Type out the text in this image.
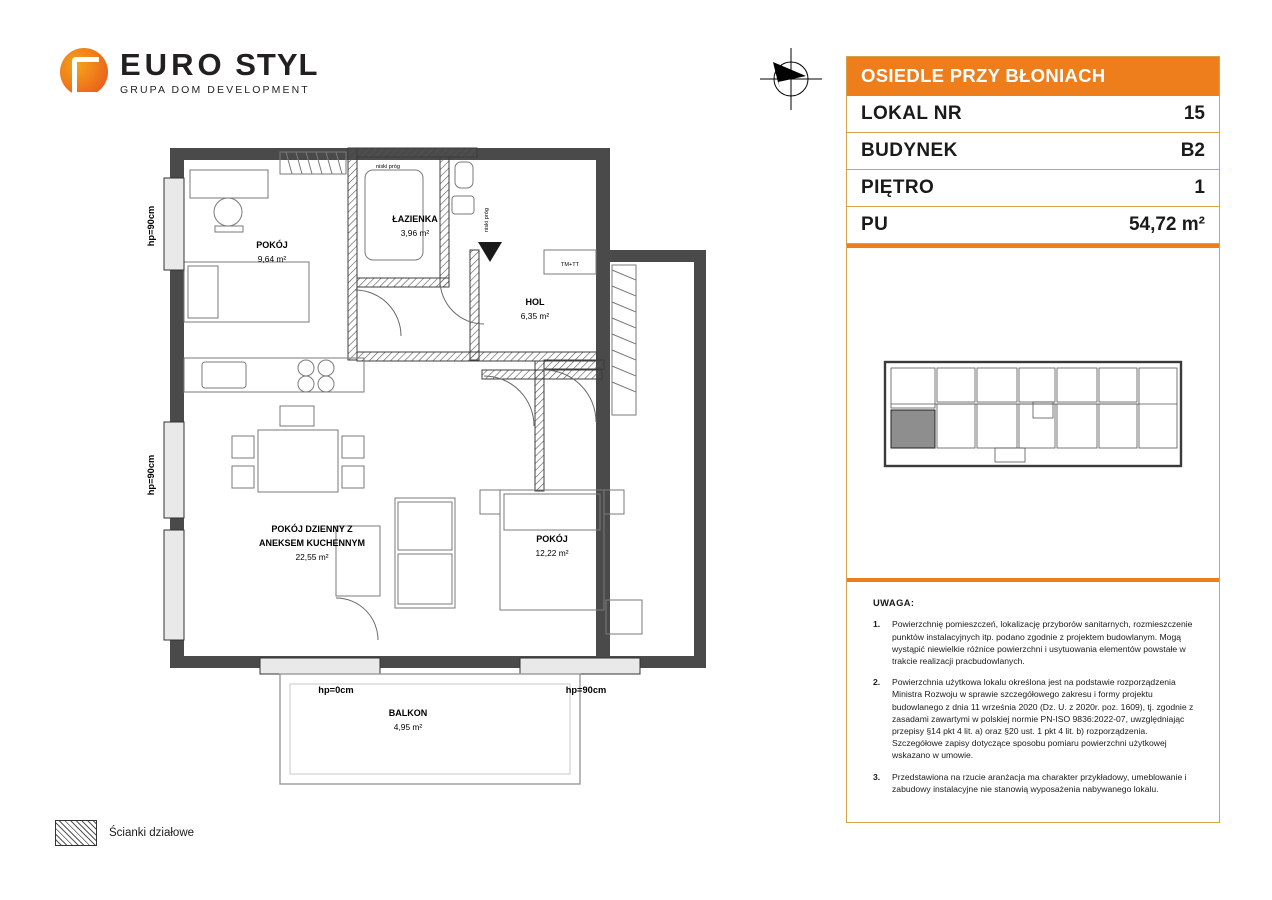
EURO STYL
GRUPA DOM DEVELOPMENT
OSIEDLE PRZY BŁONIACH
LOKAL NR	15
BUDYNEK	B2
PIĘTRO	1
PU	54,72 m²
UWAGA:
1.	Powierzchnię pomieszczeń, lokalizację przyborów sanitarnych, rozmieszczenie punktów instalacyjnych itp. podano zgodnie z projektem budowlanym. Mogą wystąpić niewielkie różnice powierzchni i usytuowania elementów powstałe w trakcie realizacji pracbudowlanych.
2.	Powierzchnia użytkowa lokalu określona jest na podstawie rozporządzenia Ministra Rozwoju w sprawie szczegółowego zakresu i formy projektu budowlanego z dnia 11 września 2020 (Dz. U. z 2020r. poz. 1609), tj. zgodnie z zasadami zawartymi w polskiej normie PN-ISO 9836:2022-07, uwzględniając przepisy §14 pkt 4 lit. a) oraz §20 ust. 1 pkt 4 lit. b) rozporządzenia. Szczegółowe zapisy dotyczące sposobu pomiaru powierzchni użytkowej wskazano w umowie.
3.	Przedstawiona na rzucie aranżacja ma charakter przykładowy, umeblowanie i zabudowy instalacyjne nie stanowią wyposażenia nabywanego lokalu.
Ścianki działowe
POKÓJ
9,64 m²
ŁAZIENKA
3,96 m²
HOL
6,35 m²
POKÓJ DZIENNY Z
ANEKSEM KUCHENNYM
22,55 m²
POKÓJ
12,22 m²
BALKON
4,95 m²
hp=90cm
hp=90cm
hp=0cm	hp=90cm
niski próg
niski próg
TM+TT
